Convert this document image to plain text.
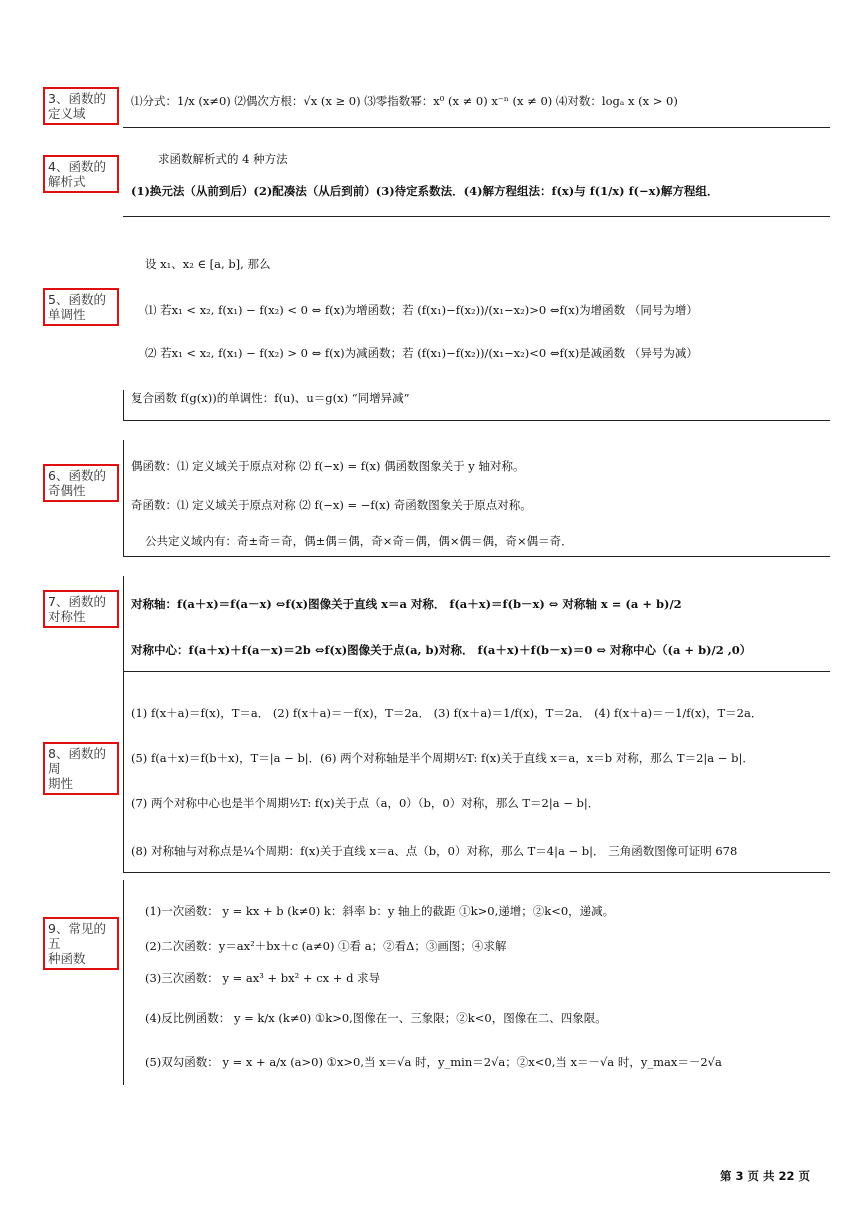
3、函数的
定义域
⑴分式：1/x (x≠0) ⑵偶次方根：√x (x ≥ 0) ⑶零指数幂：x⁰ (x ≠ 0) x⁻ⁿ (x ≠ 0) ⑷对数：logₐ x (x > 0)
4、函数的
解析式
求函数解析式的 4 种方法
(1)换元法（从前到后）(2)配凑法（从后到前）(3)待定系数法．(4)解方程组法：f(x)与 f(1/x) f(−x)解方程组．
5、函数的
单调性
设 x₁、x₂ ∈ [a, b], 那么
⑴ 若x₁ < x₂, f(x₁) − f(x₂) < 0 ⇔ f(x)为增函数；若 (f(x₁)−f(x₂))/(x₁−x₂)>0 ⇔f(x)为增函数 （同号为增）
⑵ 若x₁ < x₂, f(x₁) − f(x₂) > 0 ⇔ f(x)为减函数；若 (f(x₁)−f(x₂))/(x₁−x₂)<0 ⇔f(x)是减函数 （异号为减）
复合函数 f(g(x))的单调性：f(u)、u＝g(x) “同增异减”
6、函数的
奇偶性
偶函数：⑴ 定义域关于原点对称 ⑵ f(−x) = f(x) 偶函数图象关于 y 轴对称。
奇函数：⑴ 定义域关于原点对称 ⑵ f(−x) = −f(x) 奇函数图象关于原点对称。
公共定义域内有：奇±奇＝奇，偶±偶＝偶，奇×奇＝偶，偶×偶＝偶，奇×偶＝奇．
7、函数的
对称性
对称轴：f(a＋x)＝f(a－x) ⇔f(x)图像关于直线 x＝a 对称． f(a＋x)＝f(b－x) ⇔ 对称轴 x = (a + b)/2
对称中心：f(a＋x)＋f(a－x)＝2b ⇔f(x)图像关于点(a, b)对称． f(a＋x)＋f(b－x)＝0 ⇔ 对称中心（(a + b)/2 ,0）
8、函数的周
期性
(1) f(x＋a)＝f(x)，T＝a． (2) f(x＋a)＝－f(x)，T＝2a． (3) f(x＋a)＝1/f(x)，T＝2a． (4) f(x＋a)＝－1/f(x)，T＝2a．
(5) f(a＋x)＝f(b＋x)，T＝|a − b|．(6) 两个对称轴是半个周期½T: f(x)关于直线 x＝a，x＝b 对称，那么 T＝2|a − b|．
(7) 两个对称中心也是半个周期½T: f(x)关于点（a，0）（b，0）对称，那么 T＝2|a − b|．
(8) 对称轴与对称点是¼个周期：f(x)关于直线 x＝a、点（b，0）对称，那么 T＝4|a − b|． 三角函数图像可证明 678
9、常见的五
种函数
(1)一次函数： y = kx + b (k≠0) k：斜率 b：y 轴上的截距 ①k>0,递增；②k<0，递减。
(2)二次函数：y＝ax²＋bx＋c (a≠0) ①看 a；②看Δ；③画图；④求解
(3)三次函数： y = ax³ + bx² + cx + d 求导
(4)反比例函数： y = k/x (k≠0) ①k>0,图像在一、三象限；②k<0，图像在二、四象限。
(5)双勾函数： y = x + a/x (a>0) ①x>0,当 x＝√a 时，y_min＝2√a；②x<0,当 x＝－√a 时，y_max＝－2√a
第 3 页 共 22 页
